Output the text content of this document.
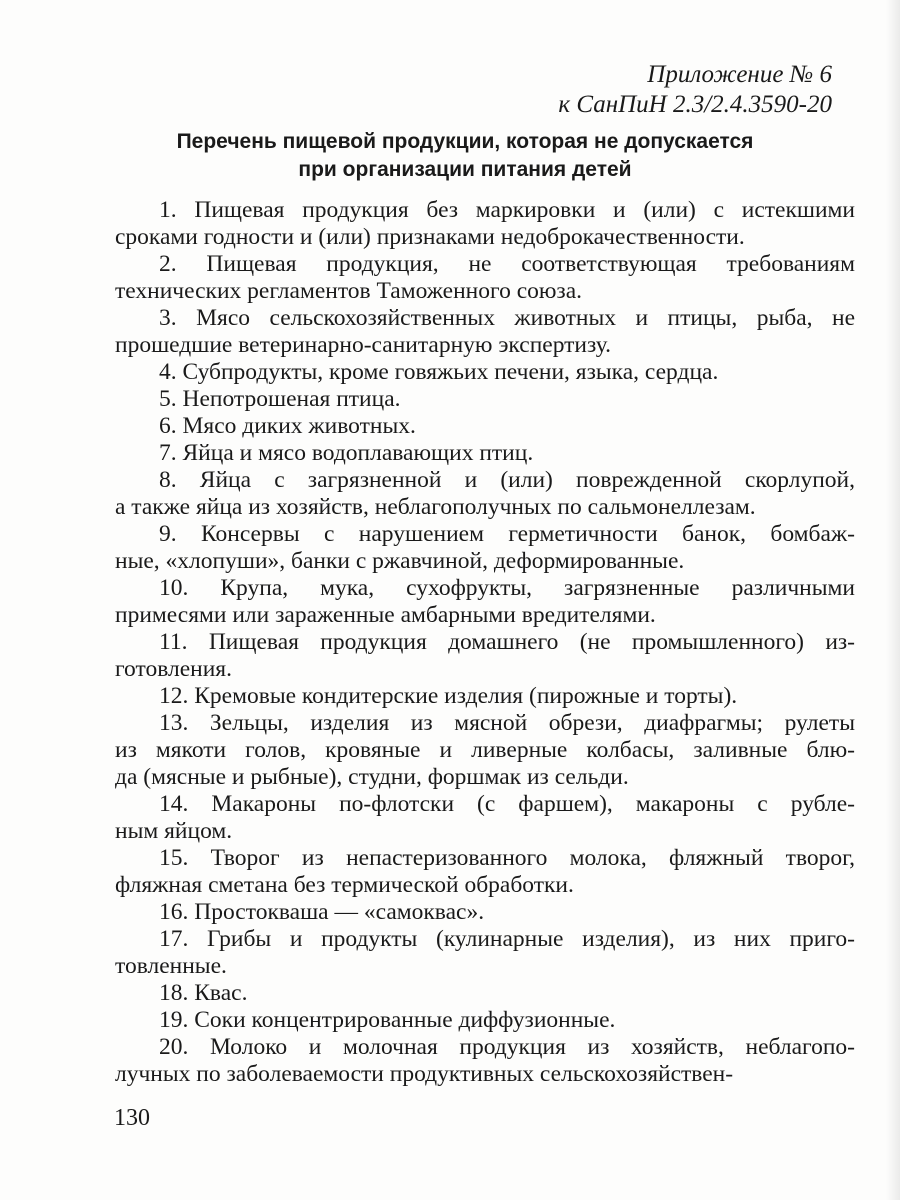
Приложение № 6
к СанПиН 2.3/2.4.3590-20
Перечень пищевой продукции, которая не допускается
при организации питания детей
1. Пищевая продукция без маркировки и (или) с истекшими
сроками годности и (или) признаками недоброкачественности.
2. Пищевая продукция, не соответствующая требованиям
технических регламентов Таможенного союза.
3. Мясо сельскохозяйственных животных и птицы, рыба, не
прошедшие ветеринарно-санитарную экспертизу.
4. Субпродукты, кроме говяжьих печени, языка, сердца.
5. Непотрошеная птица.
6. Мясо диких животных.
7. Яйца и мясо водоплавающих птиц.
8. Яйца с загрязненной и (или) поврежденной скорлупой,
а также яйца из хозяйств, неблагополучных по сальмонеллезам.
9. Консервы с нарушением герметичности банок, бомбаж-
ные, «хлопуши», банки с ржавчиной, деформированные.
10. Крупа, мука, сухофрукты, загрязненные различными
примесями или зараженные амбарными вредителями.
11. Пищевая продукция домашнего (не промышленного) из-
готовления.
12. Кремовые кондитерские изделия (пирожные и торты).
13. Зельцы, изделия из мясной обрези, диафрагмы; рулеты
из мякоти голов, кровяные и ливерные колбасы, заливные блю-
да (мясные и рыбные), студни, форшмак из сельди.
14. Макароны по-флотски (с фаршем), макароны с рубле-
ным яйцом.
15. Творог из непастеризованного молока, фляжный творог,
фляжная сметана без термической обработки.
16. Простокваша — «самоквас».
17. Грибы и продукты (кулинарные изделия), из них приго-
товленные.
18. Квас.
19. Соки концентрированные диффузионные.
20. Молоко и молочная продукция из хозяйств, неблагопо-
лучных по заболеваемости продуктивных сельскохозяйствен-
130
